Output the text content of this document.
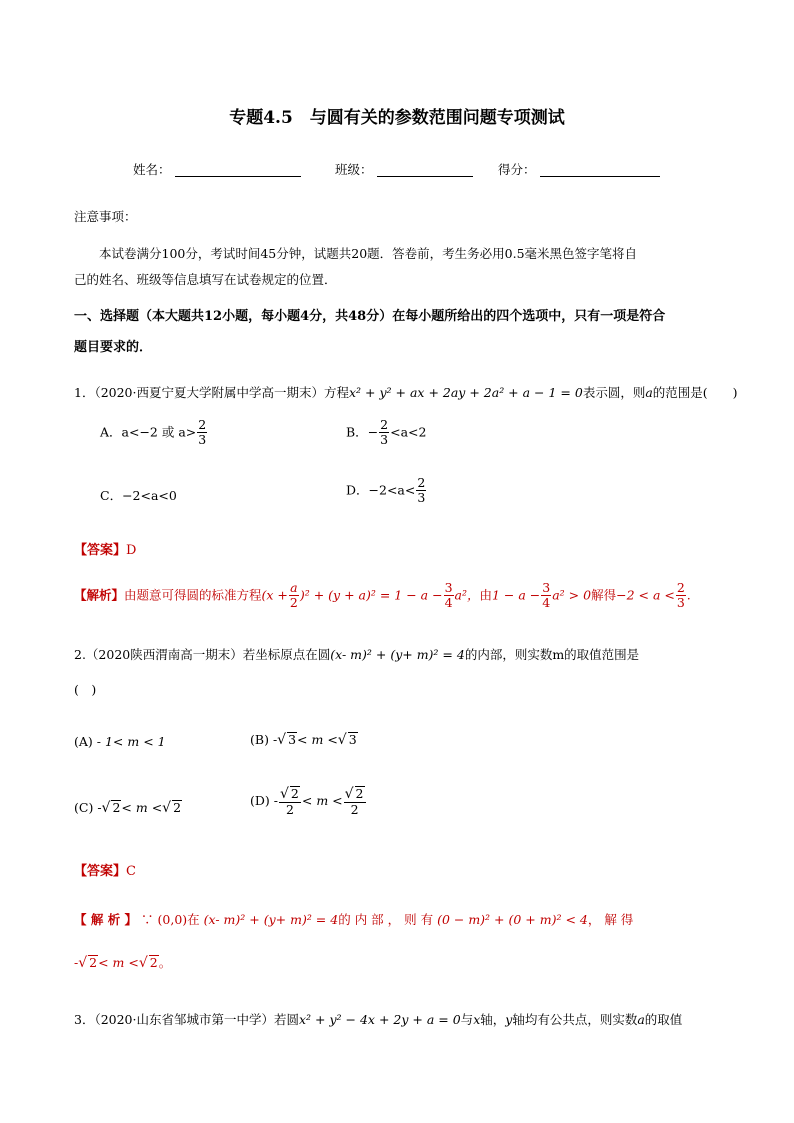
专题4.5　与圆有关的参数范围问题专项测试
姓名：	班级：	得分：
注意事项：
本试卷满分100分，考试时间45分钟，试题共20题．答卷前，考生务必用0.5毫米黑色签字笔将自
己的姓名、班级等信息填写在试卷规定的位置．
一、选择题（本大题共12小题，每小题4分，共48分）在每小题所给出的四个选项中，只有一项是符合
题目要求的．
1．（2020·西夏宁夏大学附属中学高一期末）方程x² + y² + ax + 2ay + 2a² + a − 1 = 0表示圆，则a的范围是(　　)
A．a<−2 或 $a> \frac{2}{3}$	B．− $\frac{2}{3} <a<2$
C．−2<a<0	D．$-2<a< \frac{2}{3}$
【答案】D
【解析】由题意可得圆的标准方程$(x + \frac{a}{2} )^2 + (y + a)^2 = 1 - a - \frac{3}{4} a^2$，由$1 - a - \frac{3}{4} a^2 > 0$解得$-2 < a < \frac{2}{3}$ .
2.（2020陕西渭南高一期末）若坐标原点在圆(x- m)² + (y+ m)² = 4的内部，则实数m的取值范围是
(　)
(A) - 1< m < 1	(B) -√ 3< m <√ 3
(C) -√ 2< m <√ 2	$(D) - \frac{√ 2}{2} < m < \frac{√ 2}{2}$
【答案】C
【 解 析 】 ∵ (0,0)在 (x- m)² + (y+ m)² = 4的 内 部 ， 则 有 (0 − m)² + (0 + m)² < 4， 解 得
-√ 2< m <√ 2。
3．（2020·山东省邹城市第一中学）若圆x² + y² − 4x + 2y + a = 0与x轴，y轴均有公共点，则实数a的取值
